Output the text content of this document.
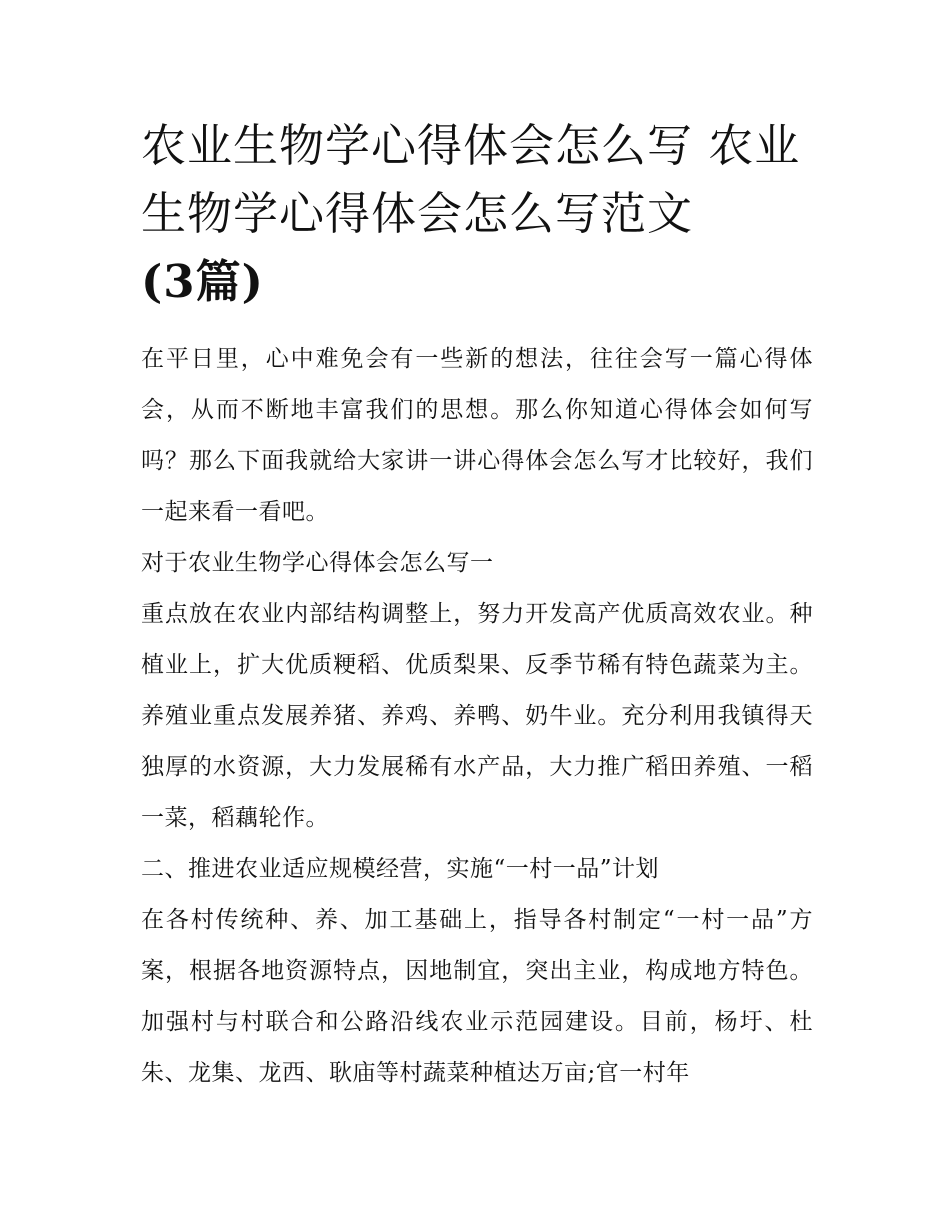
农业生物学心得体会怎么写 农业生物学心得体会怎么写范文
(3篇)

在平日里，心中难免会有一些新的想法，往往会写一篇心得体会，从而不断地丰富我们的思想。那么你知道心得体会如何写吗？那么下面我就给大家讲一讲心得体会怎么写才比较好，我们一起来看一看吧。

对于农业生物学心得体会怎么写一

重点放在农业内部结构调整上，努力开发高产优质高效农业。种植业上，扩大优质粳稻、优质梨果、反季节稀有特色蔬菜为主。养殖业重点发展养猪、养鸡、养鸭、奶牛业。充分利用我镇得天独厚的水资源，大力发展稀有水产品，大力推广稻田养殖、一稻一菜，稻藕轮作。

二、推进农业适应规模经营，实施“一村一品”计划

在各村传统种、养、加工基础上，指导各村制定“一村一品”方案，根据各地资源特点，因地制宜，突出主业，构成地方特色。加强村与村联合和公路沿线农业示范园建设。目前，杨圩、杜朱、龙集、龙西、耿庙等村蔬菜种植达万亩;官一村年
